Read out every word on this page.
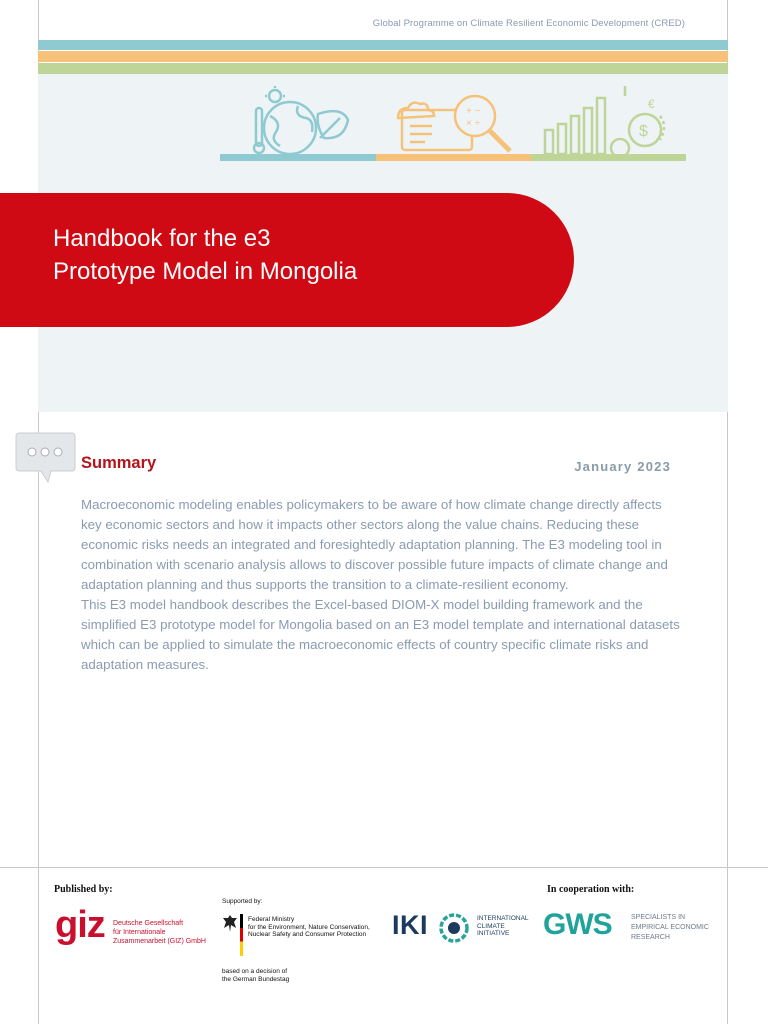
Global Programme on Climate Resilient Economic Development (CRED)
+ −
× ÷	$
€
Handbook for the e3
Prototype Model in Mongolia
Summary	January 2023

Macroeconomic modeling enables policymakers to be aware of how climate change directly affects key economic sectors and how it impacts other sectors along the value chains. Reducing these economic risks needs an integrated and foresightedly adaptation planning. The E3 modeling tool in combination with scenario analysis allows to discover possible future impacts of climate change and adaptation planning and thus supports the transition to a climate-resilient economy.

This E3 model handbook describes the Excel-based DIOM-X model building framework and the simplified E3 prototype model for Mongolia based on an E3 model template and international datasets which can be applied to simulate the macroeconomic effects of country specific climate risks and adaptation measures.

Published by:	In cooperation with:
giz Deutsche Gesellschaft
für Internationale
Zusammenarbeit (GIZ) GmbH
Supported by:
Federal Ministry
for the Environment, Nature Conservation,
Nuclear Safety and Consumer Protection
based on a decision of
the German Bundestag
IKI	INTERNATIONAL
CLIMATE
INITIATIVE	GWS	SPECIALISTS IN
EMPIRICAL ECONOMIC
RESEARCH
